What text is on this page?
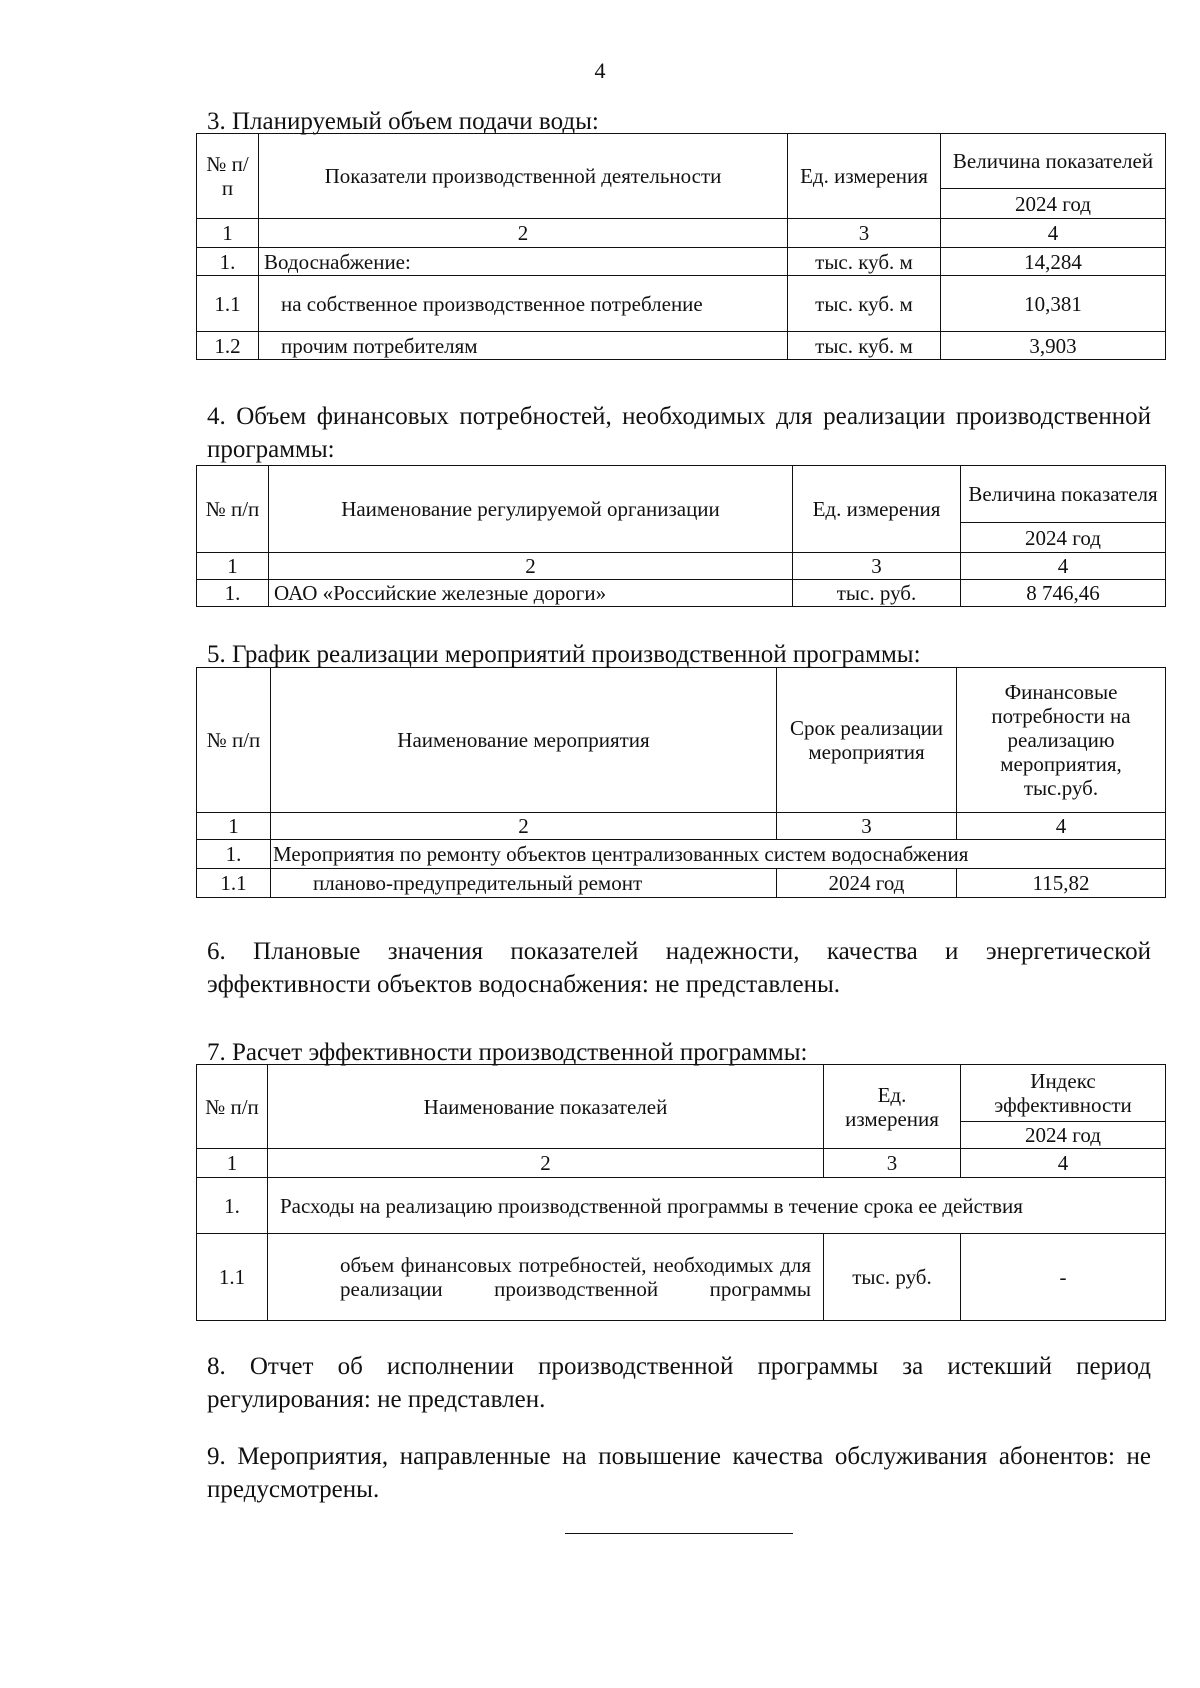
4
3. Планируемый объем подачи воды:
№ п/п	Показатели производственной деятельности	Ед. измерения	Величина показателей
			2024 год
1	2	3	4
1.	Водоснабжение:	тыс. куб. м	14,284
1.1	на собственное производственное потребление	тыс. куб. м	10,381
1.2	прочим потребителям	тыс. куб. м	3,903
4. Объем финансовых потребностей, необходимых для реализации производственной программы:
№ п/п	Наименование регулируемой организации	Ед. измерения	Величина показателя
			2024 год
1	2	3	4
1.	ОАО «Российские железные дороги»	тыс. руб.	8 746,46
5. График реализации мероприятий производственной программы:
№ п/п	Наименование мероприятия	Срок реализации мероприятия	Финансовые потребности на реализацию мероприятия, тыс.руб.
1	2	3	4
1.	Мероприятия по ремонту объектов централизованных систем водоснабжения		
1.1	планово-предупредительный ремонт	2024 год	115,82
6. Плановые значения показателей надежности, качества и энергетической эффективности объектов водоснабжения: не представлены.
7. Расчет эффективности производственной программы:
№ п/п	Наименование показателей	Ед. измерения	Индекс эффективности
			2024 год
1	2	3	4
1.	Расходы на реализацию производственной программы в течение срока ее действия		
1.1	объем финансовых потребностей, необходимых для реализации производственной программы	тыс. руб.	-
8. Отчет об исполнении производственной программы за истекший период регулирования: не представлен.
9. Мероприятия, направленные на повышение качества обслуживания абонентов: не предусмотрены.
